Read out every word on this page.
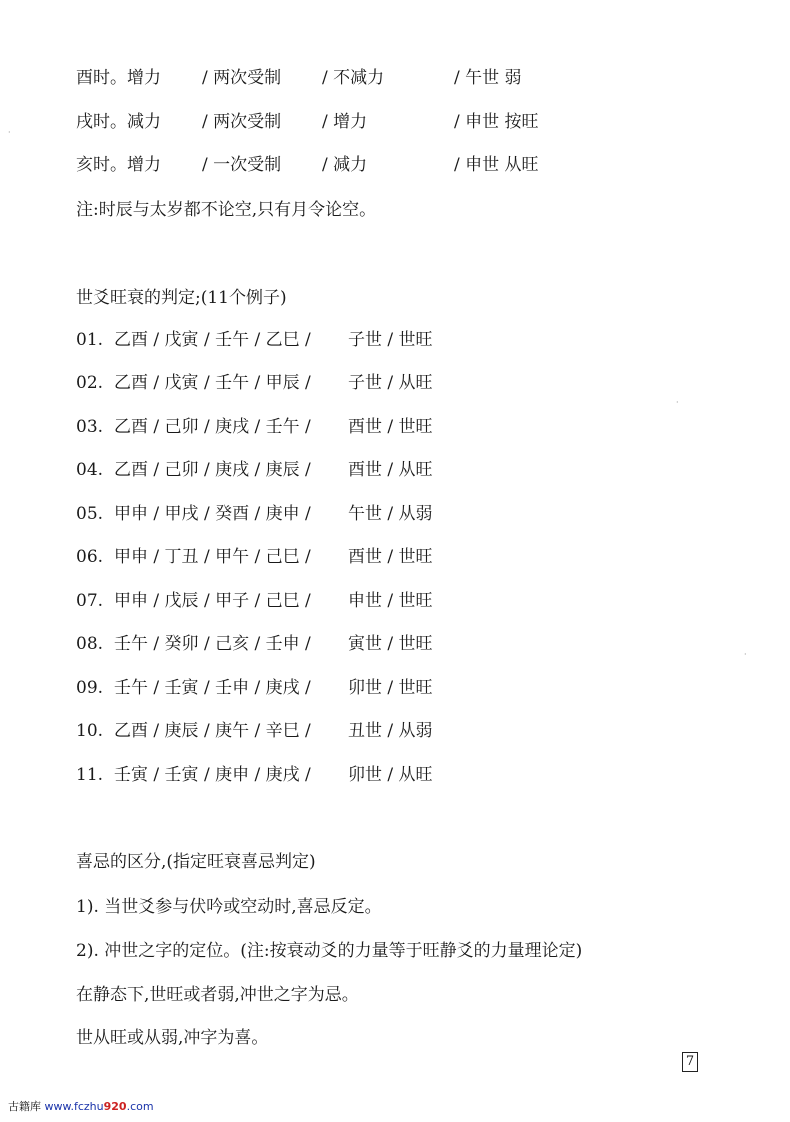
酉时。增力 / 两次受制 / 不减力	/ 午世 弱
戌时。减力 / 两次受制 / 增力	/ 申世 按旺
亥时。增力 / 一次受制 / 减力	/ 申世 从旺
注:时辰与太岁都不论空,只有月令论空。
世爻旺衰的判定;(11个例子)
01. 乙酉 / 戊寅 / 壬午 / 乙巳 / 子世 / 世旺
02. 乙酉 / 戊寅 / 壬午 / 甲辰 / 子世 / 从旺
03. 乙酉 / 己卯 / 庚戌 / 壬午 / 酉世 / 世旺
04. 乙酉 / 己卯 / 庚戌 / 庚辰 / 酉世 / 从旺
05. 甲申 / 甲戌 / 癸酉 / 庚申 / 午世 / 从弱
06. 甲申 / 丁丑 / 甲午 / 己巳 / 酉世 / 世旺
07. 甲申 / 戊辰 / 甲子 / 己巳 / 申世 / 世旺
08. 壬午 / 癸卯 / 己亥 / 壬申 / 寅世 / 世旺
09. 壬午 / 壬寅 / 壬申 / 庚戌 / 卯世 / 世旺
10. 乙酉 / 庚辰 / 庚午 / 辛巳 / 丑世 / 从弱
11. 壬寅 / 壬寅 / 庚申 / 庚戌 / 卯世 / 从旺
喜忌的区分,(指定旺衰喜忌判定)
1). 当世爻参与伏吟或空动时,喜忌反定。
2). 冲世之字的定位。(注:按衰动爻的力量等于旺静爻的力量理论定)
在静态下,世旺或者弱,冲世之字为忌。
世从旺或从弱,冲字为喜。
7
古籍库 www.fczhu920.com
·
·
·
